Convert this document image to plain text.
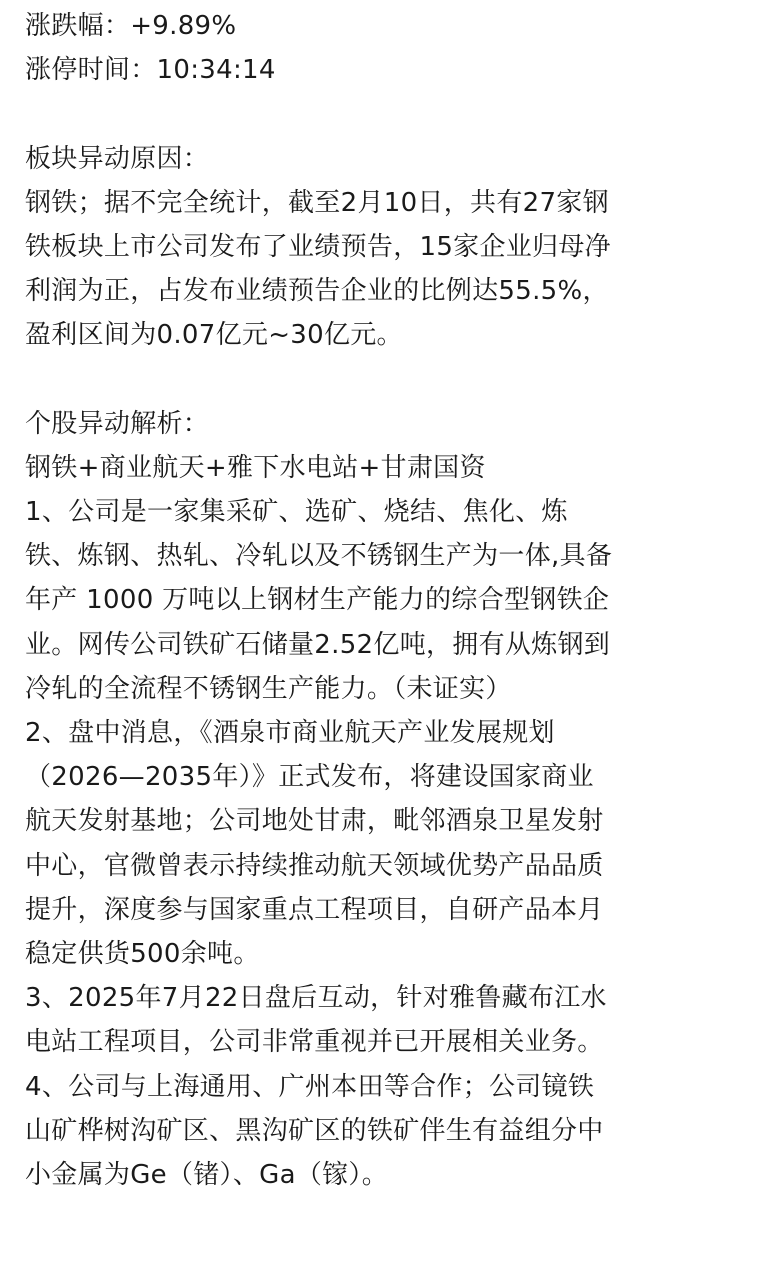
涨跌幅：+9.89%
涨停时间：10:34:14
板块异动原因：
钢铁；据不完全统计，截至2月10日，共有27家钢
铁板块上市公司发布了业绩预告，15家企业归母净
利润为正，占发布业绩预告企业的比例达55.5%，
盈利区间为0.07亿元~30亿元。
个股异动解析：
钢铁+商业航天+雅下水电站+甘肃国资
1、公司是一家集采矿、选矿、烧结、焦化、炼
铁、炼钢、热轧、冷轧以及不锈钢生产为一体,具备
年产 1000 万吨以上钢材生产能力的综合型钢铁企
业。网传公司铁矿石储量2.52亿吨，拥有从炼钢到
冷轧的全流程不锈钢生产能力。（未证实）
2、盘中消息，《酒泉市商业航天产业发展规划
（2026—2035年）》正式发布，将建设国家商业
航天发射基地；公司地处甘肃，毗邻酒泉卫星发射
中心，官微曾表示持续推动航天领域优势产品品质
提升，深度参与国家重点工程项目，自研产品本月
稳定供货500余吨。
3、2025年7月22日盘后互动，针对雅鲁藏布江水
电站工程项目，公司非常重视并已开展相关业务。
4、公司与上海通用、广州本田等合作；公司镜铁
山矿桦树沟矿区、黑沟矿区的铁矿伴生有益组分中
小金属为Ge（锗）、Ga（镓）。
